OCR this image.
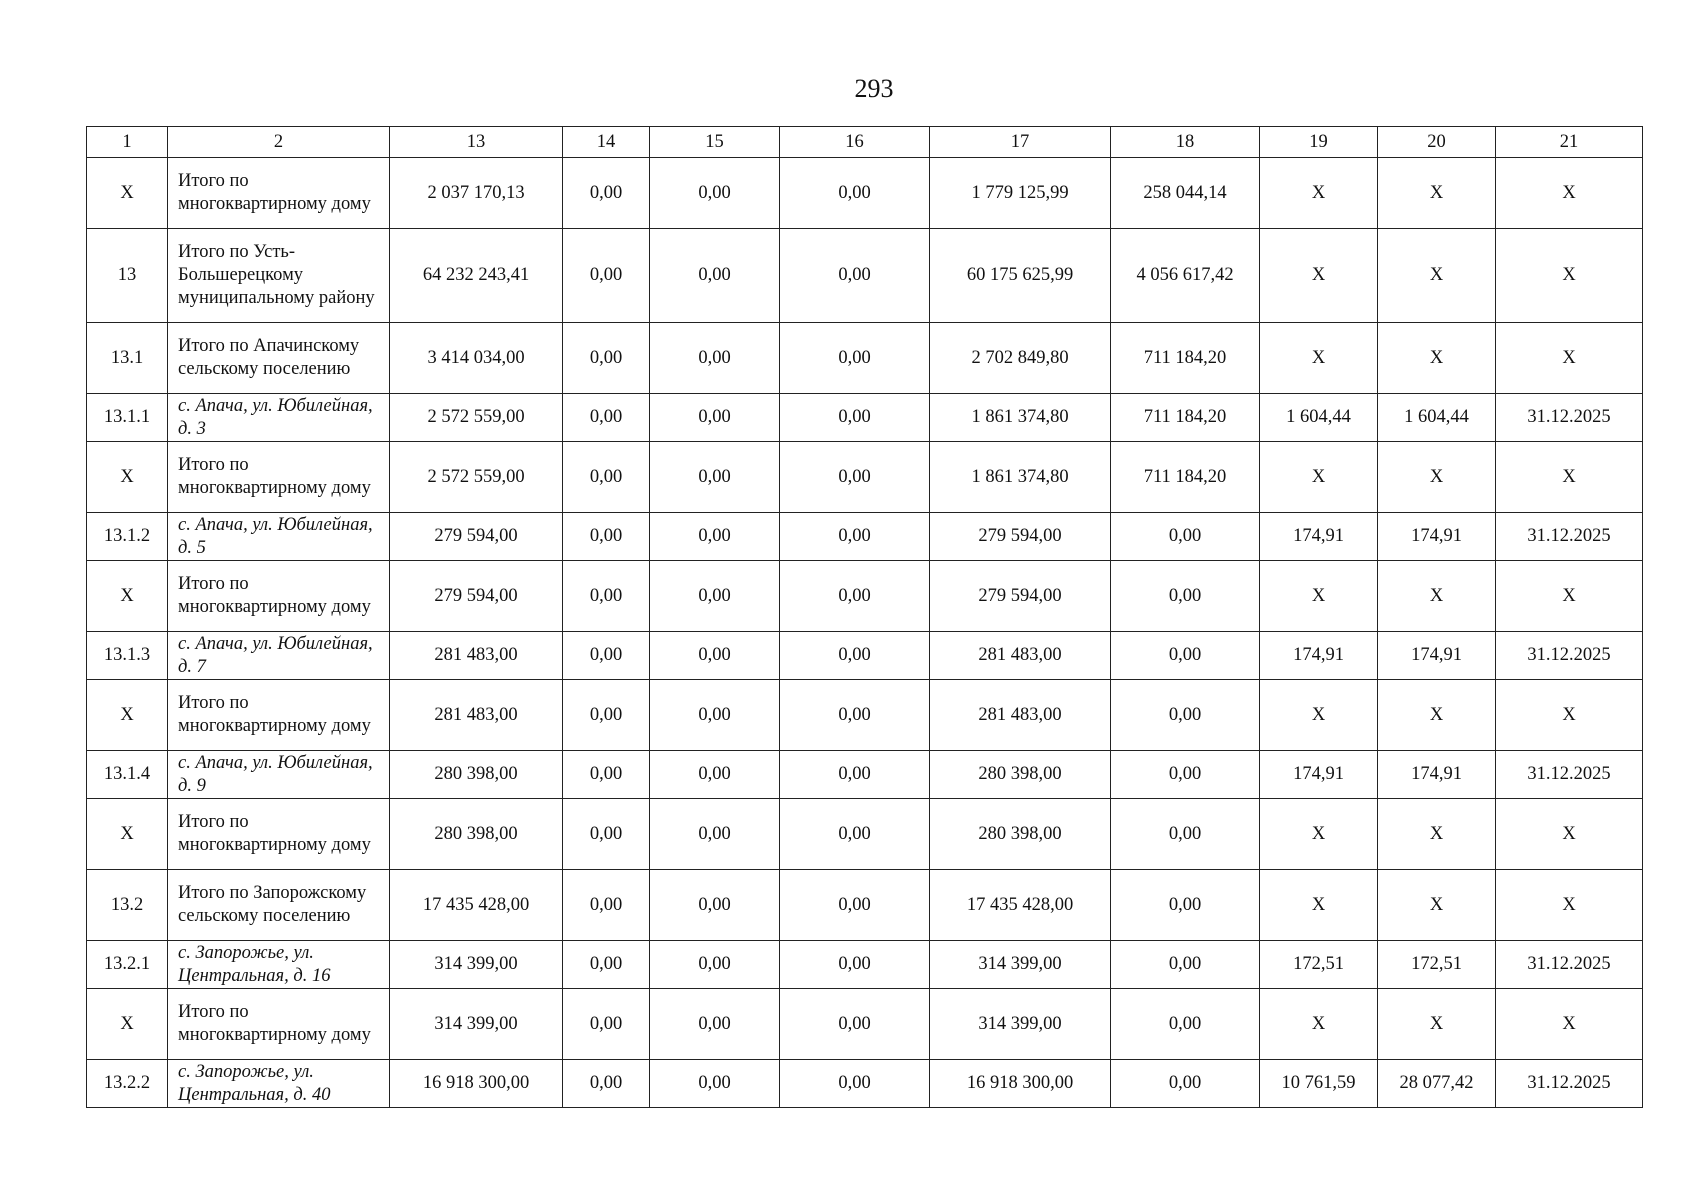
293
1	2	13	14	15	16	17	18	19	20	21
X	Итого по многоквартирному дому	2 037 170,13	0,00	0,00	0,00	1 779 125,99	258 044,14	X	X	X
13	Итого по Усть-Большерецкому муниципальному району	64 232 243,41	0,00	0,00	0,00	60 175 625,99	4 056 617,42	X	X	X
13.1	Итого по Апачинскому сельскому поселению	3 414 034,00	0,00	0,00	0,00	2 702 849,80	711 184,20	X	X	X
13.1.1	с. Апача, ул. Юбилейная, д. 3	2 572 559,00	0,00	0,00	0,00	1 861 374,80	711 184,20	1 604,44	1 604,44	31.12.2025
X	Итого по многоквартирному дому	2 572 559,00	0,00	0,00	0,00	1 861 374,80	711 184,20	X	X	X
13.1.2	с. Апача, ул. Юбилейная, д. 5	279 594,00	0,00	0,00	0,00	279 594,00	0,00	174,91	174,91	31.12.2025
X	Итого по многоквартирному дому	279 594,00	0,00	0,00	0,00	279 594,00	0,00	X	X	X
13.1.3	с. Апача, ул. Юбилейная, д. 7	281 483,00	0,00	0,00	0,00	281 483,00	0,00	174,91	174,91	31.12.2025
X	Итого по многоквартирному дому	281 483,00	0,00	0,00	0,00	281 483,00	0,00	X	X	X
13.1.4	с. Апача, ул. Юбилейная, д. 9	280 398,00	0,00	0,00	0,00	280 398,00	0,00	174,91	174,91	31.12.2025
X	Итого по многоквартирному дому	280 398,00	0,00	0,00	0,00	280 398,00	0,00	X	X	X
13.2	Итого по Запорожскому сельскому поселению	17 435 428,00	0,00	0,00	0,00	17 435 428,00	0,00	X	X	X
13.2.1	с. Запорожье, ул. Центральная, д. 16	314 399,00	0,00	0,00	0,00	314 399,00	0,00	172,51	172,51	31.12.2025
X	Итого по многоквартирному дому	314 399,00	0,00	0,00	0,00	314 399,00	0,00	X	X	X
13.2.2	с. Запорожье, ул. Центральная, д. 40	16 918 300,00	0,00	0,00	0,00	16 918 300,00	0,00	10 761,59	28 077,42	31.12.2025
